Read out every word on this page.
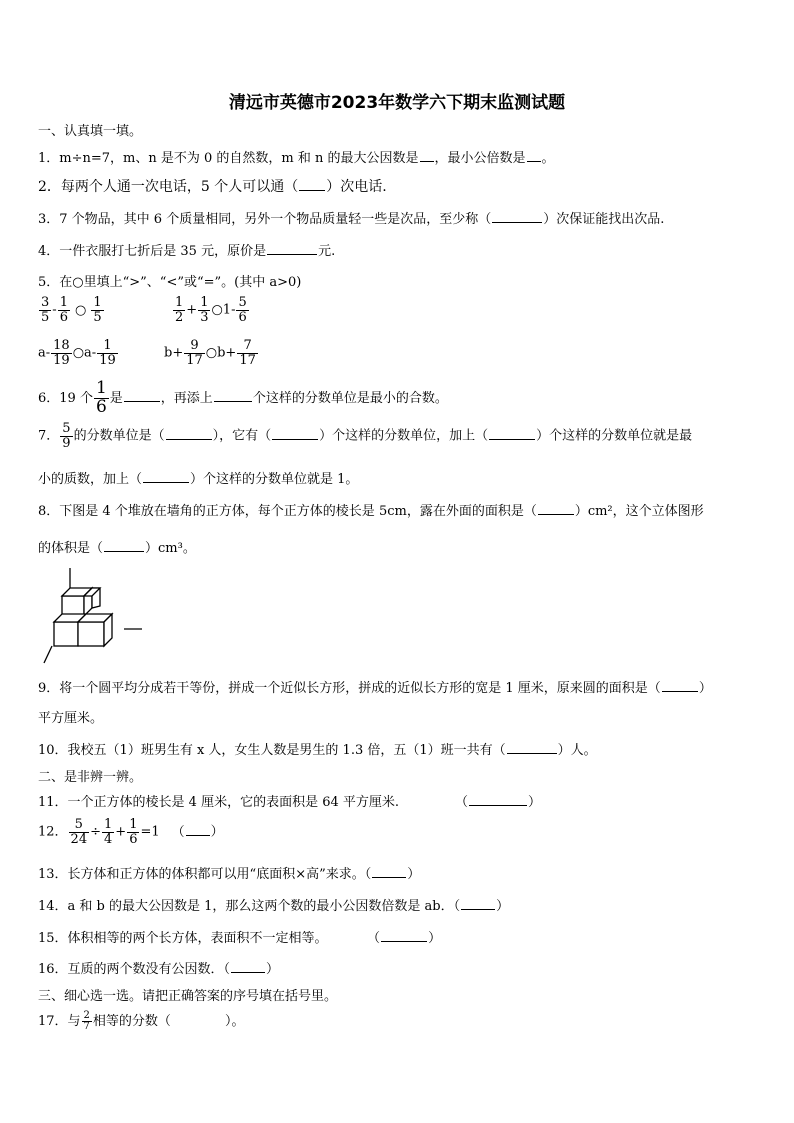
清远市英德市2023年数学六下期末监测试题
一、认真填一填。
1．m÷n=7，m、n 是不为 0 的自然数，m 和 n 的最大公因数是 ，最小公倍数是 。
2．每两个人通一次电话，5 个人可以通（ ）次电话.
3．7 个物品，其中 6 个质量相同，另外一个物品质量轻一些是次品，至少称（	）次保证能找出次品.
4．一件衣服打七折后是 35 元，原价是	元.
5．在○里填上“>”、“<”或“=”。(其中 a>0)
$\frac{3}{5} - \frac{1}{6}$ ○ $\frac{1}{5}$	$\frac{1}{2} + \frac{1}{3}$ ○1- $\frac{5}{6}$
$a- \frac{18}{19}$ ○a- $\frac{1}{19}$	$b+ \frac{9}{17}$ ○b+ $\frac{7}{17}$
6．19 个 $\frac{1}{6}$ 是	，再添上	个这样的分数单位是最小的合数。
7． $\frac{5}{9}$ 的分数单位是（	），它有（	）个这样的分数单位，加上（	）个这样的分数单位就是最
小的质数，加上（	）个这样的分数单位就是 1。
8．下图是 4 个堆放在墙角的正方体，每个正方体的棱长是 5cm，露在外面的面积是（	）cm²，这个立体图形
的体积是（	）cm³。
9．将一个圆平均分成若干等份，拼成一个近似长方形，拼成的近似长方形的宽是 1 厘米，原来圆的面积是（	）
平方厘米。
10．我校五（1）班男生有 x 人，女生人数是男生的 1.3 倍，五（1）班一共有（	）人。
二、是非辨一辨。
11．一个正方体的棱长是 4 厘米，它的表面积是 64 平方厘米.	（	）
12． $\frac{5}{24} \div \frac{1}{4} + \frac{1}{6} =1$ （ ）
13．长方体和正方体的体积都可以用“底面积×高”来求。（	）
14．a 和 b 的最大公因数是 1，那么这两个数的最小公因数倍数是 ab．（	）
15．体积相等的两个长方体，表面积不一定相等。	（	）
16．互质的两个数没有公因数．（	）
三、细心选一选。请把正确答案的序号填在括号里。
17．与 $\frac{2}{7}$ 相等的分数（	）。
